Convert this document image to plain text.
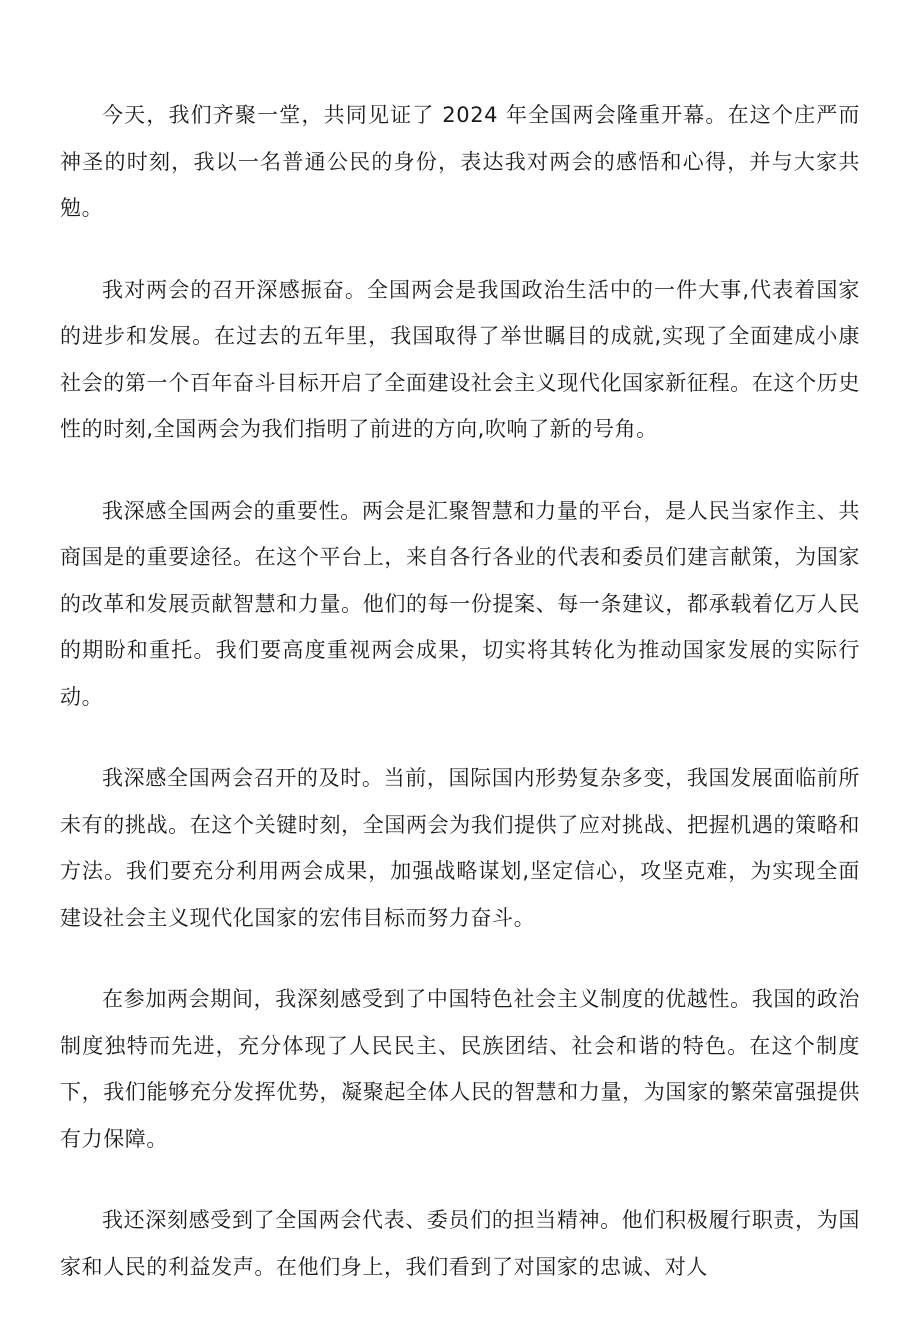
今天，我们齐聚一堂，共同见证了 2024 年全国两会隆重开幕。在这个庄严而神圣的时刻，我以一名普通公民的身份，表达我对两会的感悟和心得，并与大家共勉。

我对两会的召开深感振奋。全国两会是我国政治生活中的一件大事,代表着国家的进步和发展。在过去的五年里，我国取得了举世瞩目的成就,实现了全面建成小康社会的第一个百年奋斗目标开启了全面建设社会主义现代化国家新征程。在这个历史性的时刻,全国两会为我们指明了前进的方向,吹响了新的号角。

我深感全国两会的重要性。两会是汇聚智慧和力量的平台，是人民当家作主、共商国是的重要途径。在这个平台上，来自各行各业的代表和委员们建言献策，为国家的改革和发展贡献智慧和力量。他们的每一份提案、每一条建议，都承载着亿万人民的期盼和重托。我们要高度重视两会成果，切实将其转化为推动国家发展的实际行动。

我深感全国两会召开的及时。当前，国际国内形势复杂多变，我国发展面临前所未有的挑战。在这个关键时刻，全国两会为我们提供了应对挑战、把握机遇的策略和方法。我们要充分利用两会成果，加强战略谋划,坚定信心，攻坚克难，为实现全面建设社会主义现代化国家的宏伟目标而努力奋斗。

在参加两会期间，我深刻感受到了中国特色社会主义制度的优越性。我国的政治制度独特而先进，充分体现了人民民主、民族团结、社会和谐的特色。在这个制度下，我们能够充分发挥优势，凝聚起全体人民的智慧和力量，为国家的繁荣富强提供有力保障。

我还深刻感受到了全国两会代表、委员们的担当精神。他们积极履行职责，为国家和人民的利益发声。在他们身上，我们看到了对国家的忠诚、对人
